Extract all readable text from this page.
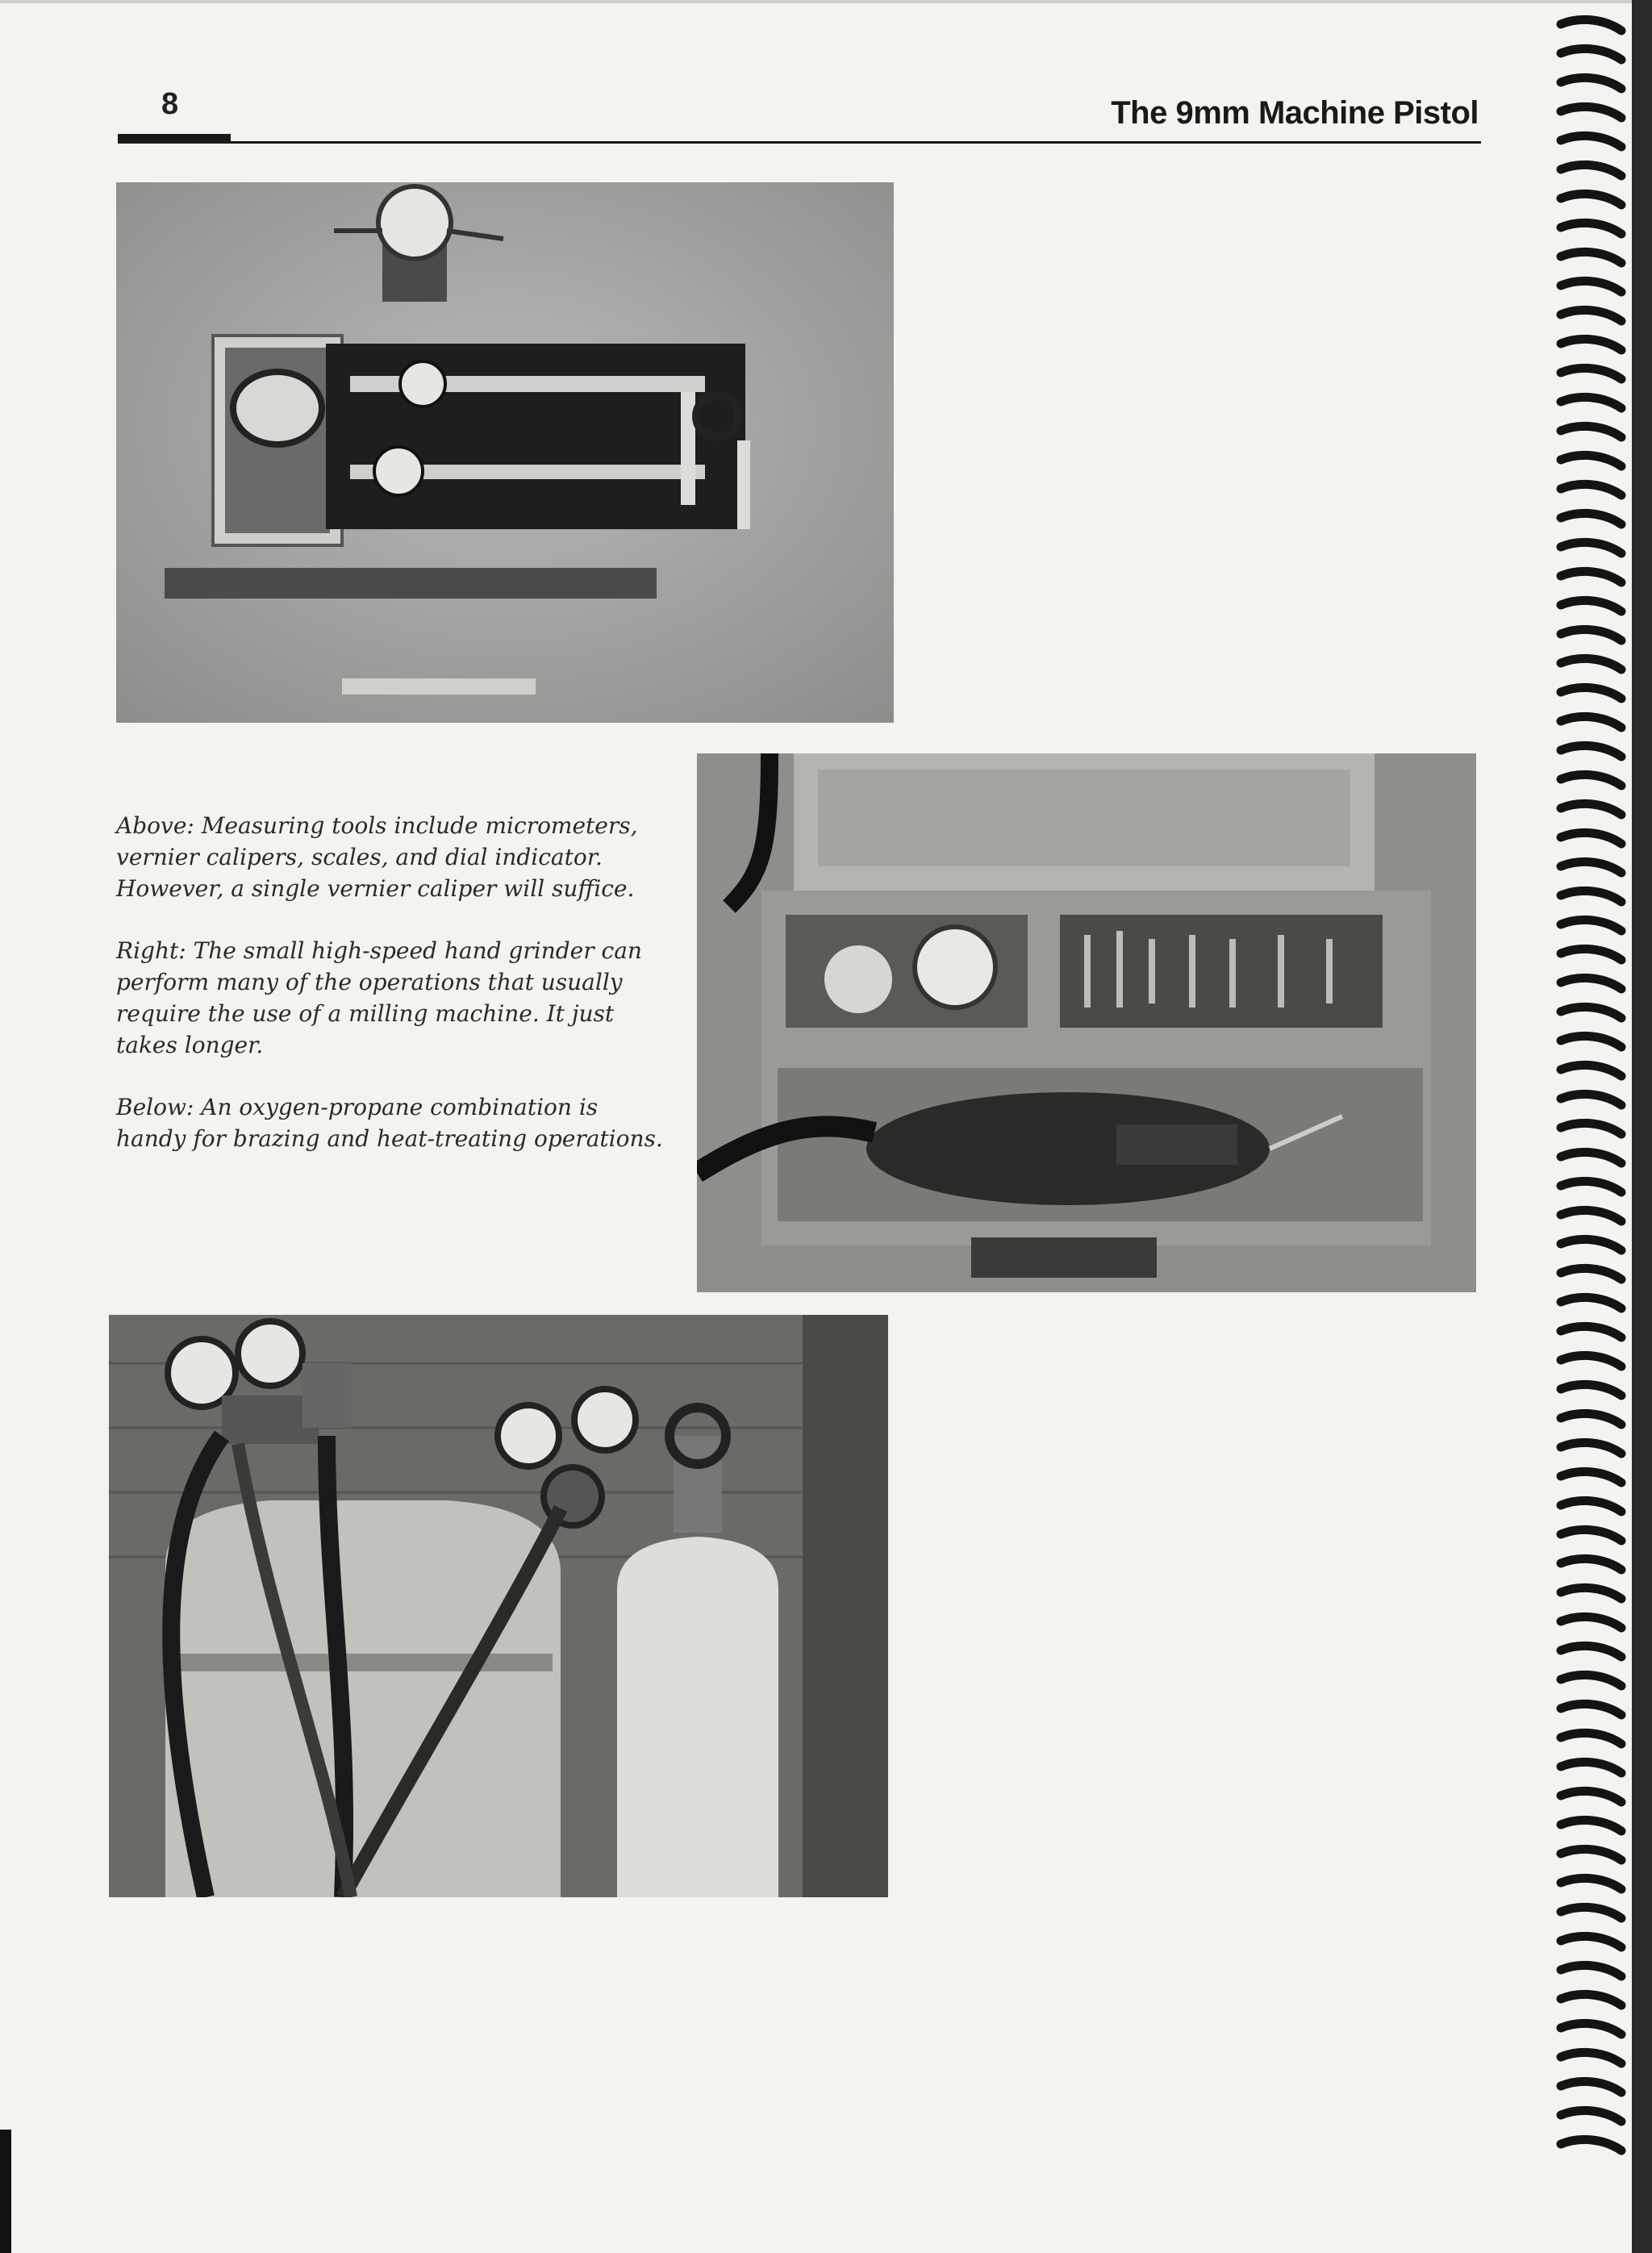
8	The 9mm Machine Pistol

Above: Measuring tools include micrometers, vernier calipers, scales, and dial indicator. However, a single vernier caliper will suffice.

Right: The small high-speed hand grinder can perform many of the operations that usually require the use of a milling machine. It just takes longer.

Below: An oxygen-propane combination is handy for brazing and heat-treating operations.
